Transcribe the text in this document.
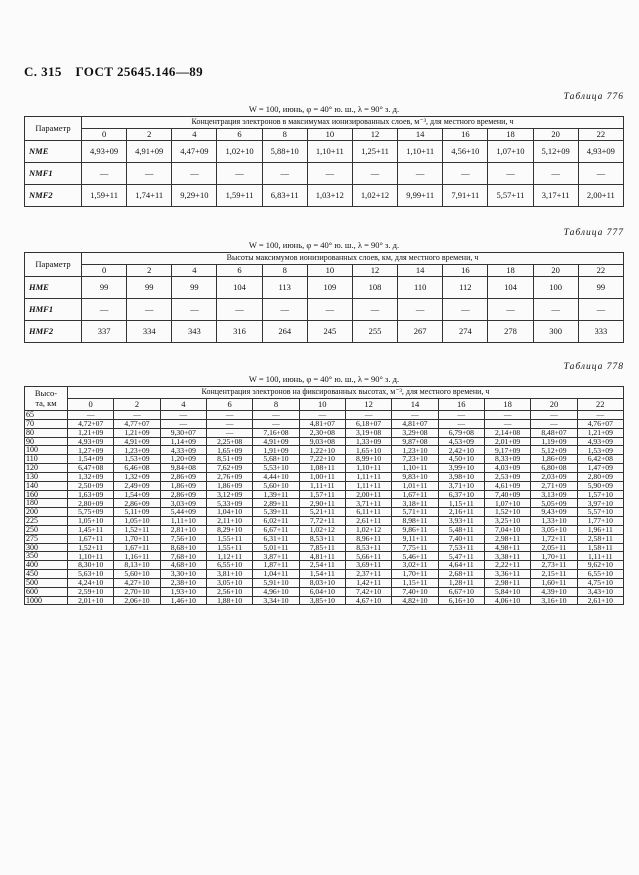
С. 315 ГОСТ 25645.146—89
Таблица 776
W = 100, июнь, φ = 40° ю. ш., λ = 90° з. д.
Параметр	Концентрация электронов в максимумах ионизированных слоев, м⁻³, для местного времени, ч											
	0	2	4	6	8	10	12	14	16	18	20	22
NME	4,93+09	4,91+09	4,47+09	1,02+10	5,88+10	1,10+11	1,25+11	1,10+11	4,56+10	1,07+10	5,12+09	4,93+09
NMF1	—	—	—	—	—	—	—	—	—	—	—	—
NMF2	1,59+11	1,74+11	9,29+10	1,59+11	6,83+11	1,03+12	1,02+12	9,99+11	7,91+11	5,57+11	3,17+11	2,00+11
Таблица 777
W = 100, июнь, φ = 40° ю. ш., λ = 90° з. д.
Параметр	Высоты максимумов ионизированных слоев, км, для местного времени, ч											
	0	2	4	6	8	10	12	14	16	18	20	22
HME	99	99	99	104	113	109	108	110	112	104	100	99
HMF1	—	—	—	—	—	—	—	—	—	—	—	—
HMF2	337	334	343	316	264	245	255	267	274	278	300	333
Таблица 778
W = 100, июнь, φ = 40° ю. ш., λ = 90° з. д.
Высо-
та, км	Концентрация электронов на фиксированных высотах, м⁻³, для местного времени, ч											
	0	2	4	6	8	10	12	14	16	18	20	22
65	—	—	—	—	—	—	—	—	—	—	—	—
70	4,72+07	4,77+07	—	—	—	4,81+07	6,18+07	4,81+07	—	—	—	4,76+07
80	1,21+09	1,21+09	9,30+07	—	7,16+08	2,30+08	3,19+08	3,29+08	6,79+08	2,14+08	8,48+07	1,21+09
90	4,93+09	4,91+09	1,14+09	2,25+08	4,91+09	9,03+08	1,33+09	9,87+08	4,53+09	2,01+09	1,19+09	4,93+09
100	1,27+09	1,23+09	4,33+09	1,65+09	1,91+09	1,22+10	1,65+10	1,23+10	2,42+10	9,17+09	5,12+09	1,53+09
110	1,54+09	1,53+09	1,20+09	8,51+09	5,68+10	7,22+10	8,99+10	7,23+10	4,50+10	8,33+09	1,86+09	6,42+08
120	6,47+08	6,46+08	9,84+08	7,62+09	5,53+10	1,08+11	1,10+11	1,10+11	3,99+10	4,03+09	6,80+08	1,47+09
130	1,32+09	1,32+09	2,86+09	2,76+09	4,44+10	1,00+11	1,11+11	9,83+10	3,98+10	2,53+09	2,03+09	2,80+09
140	2,50+09	2,49+09	1,86+09	1,86+09	5,60+10	1,11+11	1,11+11	1,01+11	3,71+10	4,61+09	2,71+09	5,90+09
160	1,63+09	1,54+09	2,86+09	3,12+09	1,39+11	1,57+11	2,00+11	1,67+11	6,37+10	7,40+09	3,13+09	1,57+10
180	2,80+09	2,86+09	3,03+09	5,33+09	2,89+11	2,90+11	3,71+11	3,18+11	1,15+11	1,07+10	5,05+09	3,97+10
200	5,75+09	5,11+09	5,44+09	1,04+10	5,39+11	5,21+11	6,11+11	5,71+11	2,16+11	1,52+10	9,43+09	5,57+10
225	1,05+10	1,05+10	1,11+10	2,11+10	6,02+11	7,72+11	2,61+11	8,98+11	3,93+11	3,25+10	1,33+10	1,77+10
250	1,45+11	1,52+11	2,81+10	8,29+10	6,67+11	1,02+12	1,02+12	9,86+11	5,48+11	7,04+10	3,05+10	1,96+11
275	1,67+11	1,70+11	7,56+10	1,55+11	6,31+11	8,53+11	8,96+11	9,11+11	7,40+11	2,98+11	1,72+11	2,58+11
300	1,52+11	1,67+11	8,68+10	1,55+11	5,01+11	7,85+11	8,53+11	7,75+11	7,53+11	4,98+11	2,05+11	1,58+11
350	1,10+11	1,16+11	7,68+10	1,12+11	3,87+11	4,81+11	5,66+11	5,46+11	5,47+11	3,38+11	1,70+11	1,11+11
400	8,30+10	8,13+10	4,68+10	6,55+10	1,87+11	2,54+11	3,69+11	3,02+11	4,64+11	2,22+11	2,73+11	9,62+10
450	5,63+10	5,60+10	3,30+10	3,81+10	1,04+11	1,54+11	2,37+11	1,70+11	2,68+11	3,36+11	2,15+11	6,55+10
500	4,24+10	4,27+10	2,38+10	3,05+10	5,91+10	8,03+10	1,42+11	1,15+11	1,28+11	2,98+11	1,60+11	4,75+10
600	2,59+10	2,70+10	1,93+10	2,56+10	4,96+10	6,04+10	7,42+10	7,40+10	6,67+10	5,84+10	4,39+10	3,43+10
1000	2,01+10	2,06+10	1,46+10	1,88+10	3,34+10	3,85+10	4,67+10	4,82+10	6,16+10	4,06+10	3,16+10	2,61+10
